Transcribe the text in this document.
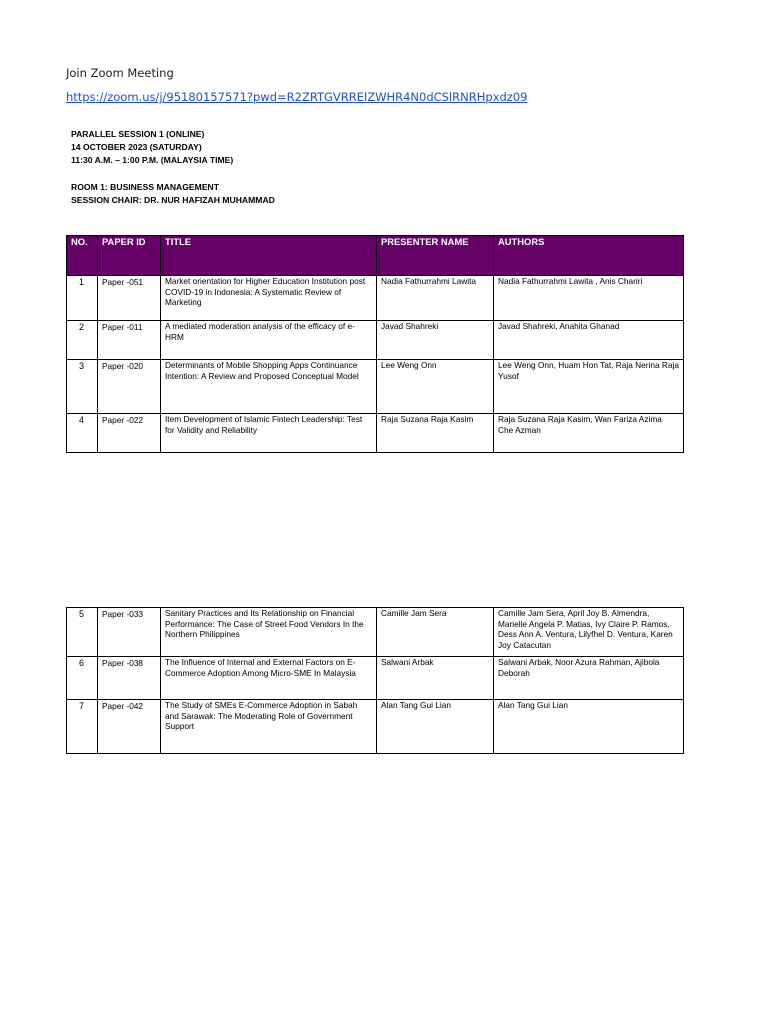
Join Zoom Meeting
https://zoom.us/j/95180157571?pwd=R2ZRTGVRRElZWHR4N0dCSlRNRHpxdz09
PARALLEL SESSION 1 (ONLINE)
14 OCTOBER 2023 (SATURDAY)
11:30 A.M. – 1:00 P.M. (MALAYSIA TIME)
ROOM 1: BUSINESS MANAGEMENT
SESSION CHAIR: DR. NUR HAFIZAH MUHAMMAD
NO.	PAPER ID	TITLE	PRESENTER NAME	AUTHORS
1	Paper -051	Market orientation for Higher Education Institution post COVID-19 in Indonesia: A Systematic Review of Marketing	Nadia Fathurrahmi Lawita	Nadia Fathurrahmi Lawita , Anis Chariri
2	Paper -011	A mediated moderation analysis of the efficacy of e-HRM	Javad Shahreki	Javad Shahreki, Anahita Ghanad
3	Paper -020	Determinants of Mobile Shopping Apps Continuance Intention: A Review and Proposed Conceptual Model	Lee Weng Onn	Lee Weng Onn, Huam Hon Tat, Raja Nerina Raja Yusof
4	Paper -022	Item Development of Islamic Fintech Leadership: Test for Validity and Reliability	Raja Suzana Raja Kasim	Raja Suzana Raja Kasim, Wan Fariza Azima Che Azman
5	Paper -033	Sanitary Practices and Its Relationship on Financial Performance: The Case of Street Food Vendors In the Northern Philippines	Camille Jam Sera	Camille Jam Sera, April Joy B. Almendra, Marielle Angela P. Matias, Ivy Claire P. Ramos, Dess Ann A. Ventura, Lilyfhel D. Ventura, Karen Joy Catacutan
6	Paper -038	The Influence of Internal and External Factors on E-Commerce Adoption Among Micro-SME In Malaysia	Salwani Arbak	Salwani Arbak, Noor Azura Rahman, Ajibola Deborah
7	Paper -042	The Study of SMEs E-Commerce Adoption in Sabah and Sarawak: The Moderating Role of Government Support	Alan Tang Gui Lian	Alan Tang Gui Lian
